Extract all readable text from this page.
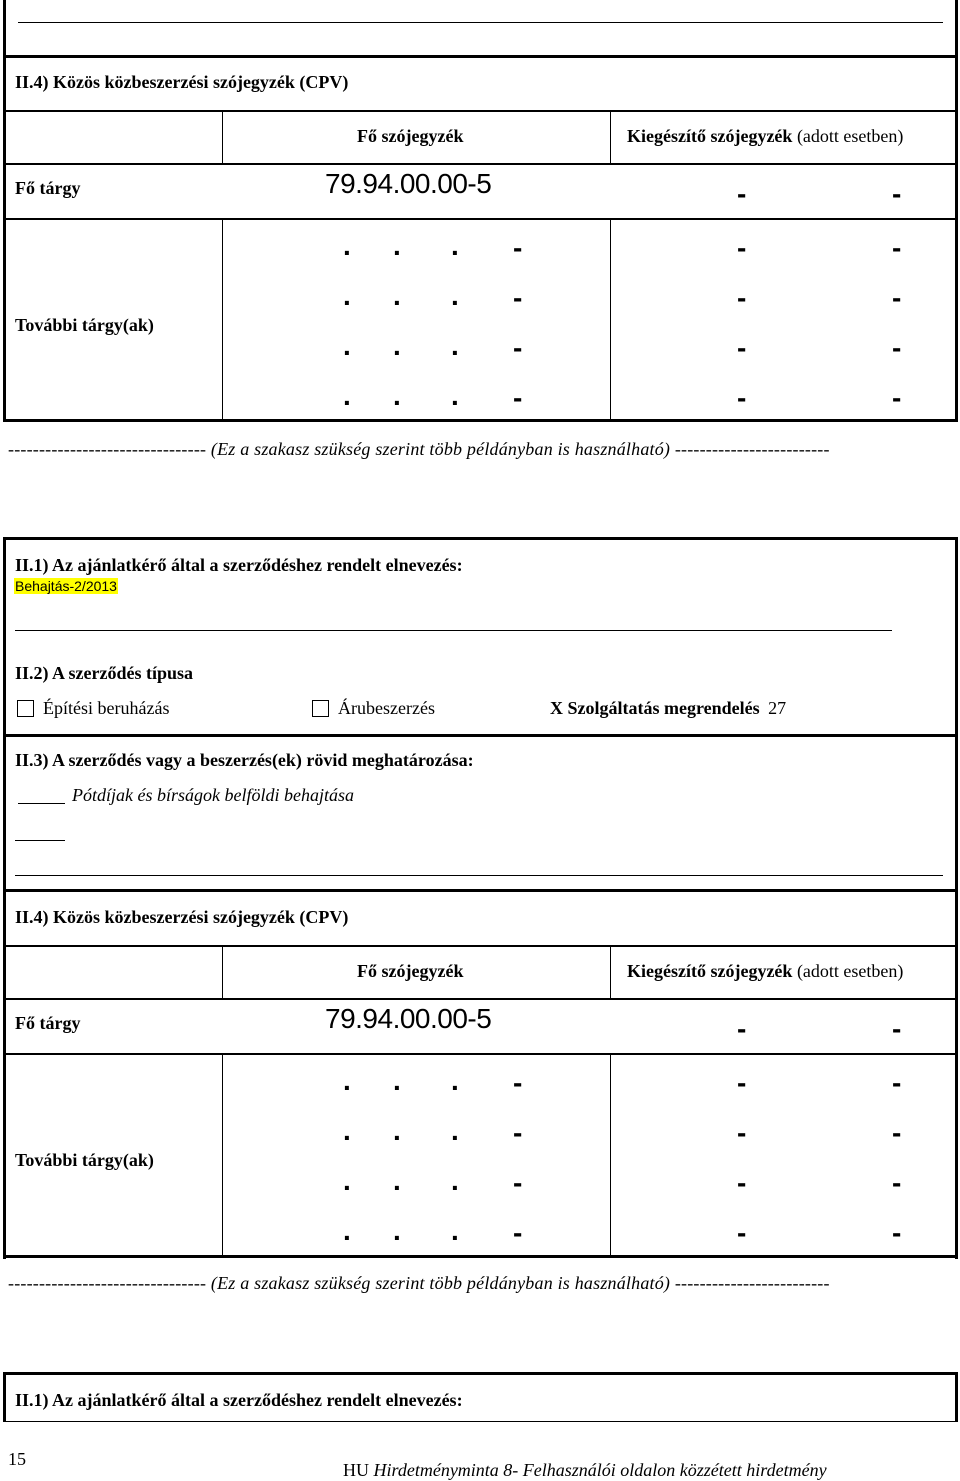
II.4) Közös közbeszerzési szójegyzék (CPV)
Fő szójegyzék	Kiegészítő szójegyzék (adott esetben)
Fő tárgy	79.94.00.00-5	-	-
További tárgy(ak)
. . . -	-	-
. . . -	-	-
. . . -	-	-
. . . -	-	-
-------------------------------- (Ez a szakasz szükség szerint több példányban is használható) -------------------------
II.1) Az ajánlatkérő által a szerződéshez rendelt elnevezés:
Behajtás-2/2013
II.2) A szerződés típusa
Építési beruházás	Árubeszerzés	X Szolgáltatás megrendelés 27
II.3) A szerződés vagy a beszerzés(ek) rövid meghatározása:
Pótdíjak és bírságok belföldi behajtása
II.4) Közös közbeszerzési szójegyzék (CPV)
Fő szójegyzék	Kiegészítő szójegyzék (adott esetben)
Fő tárgy	79.94.00.00-5	-	-
További tárgy(ak)
. . . -	-	-
. . . -	-	-
. . . -	-	-
. . . -	-	-
-------------------------------- (Ez a szakasz szükség szerint több példányban is használható) -------------------------
II.1) Az ajánlatkérő által a szerződéshez rendelt elnevezés:
15
HU Hirdetményminta 8- Felhasználói oldalon közzétett hirdetmény
